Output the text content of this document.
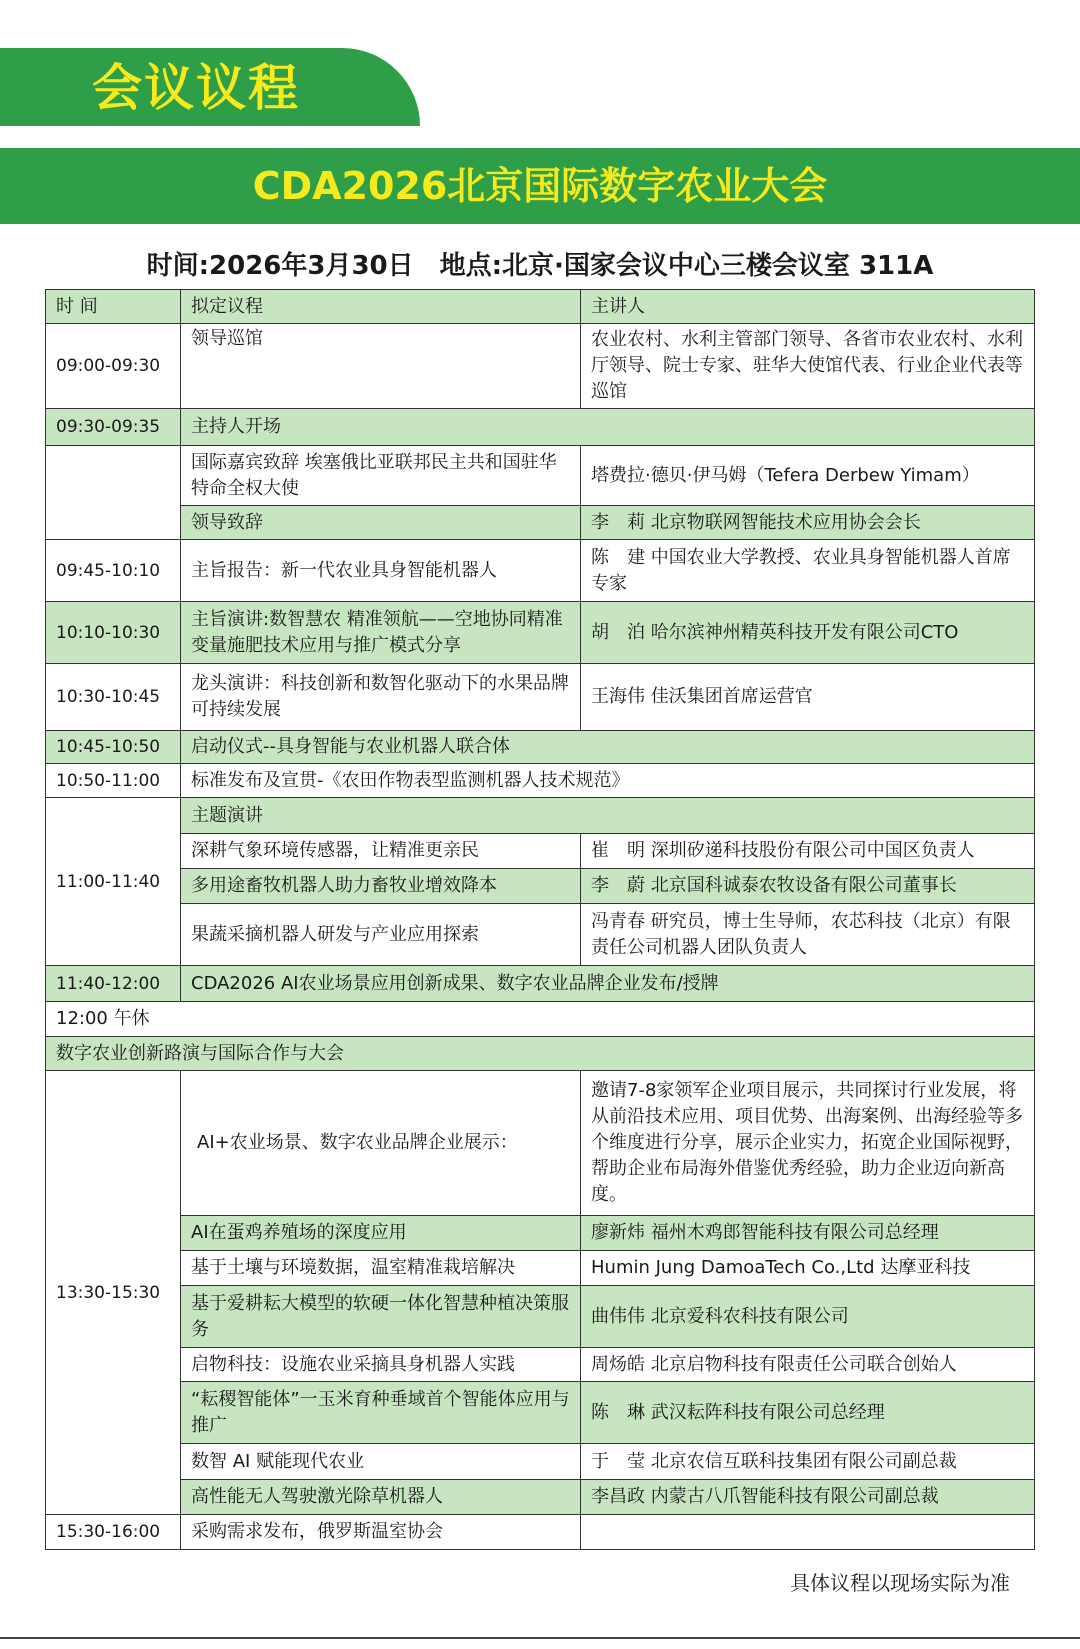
会议议程
CDA2026北京国际数字农业大会
时间:2026年3月30日　地点:北京·国家会议中心三楼会议室 311A
时 间	拟定议程	主讲人
09:00-09:30	领导巡馆	农业农村、水利主管部门领导、各省市农业农村、水利厅领导、院士专家、驻华大使馆代表、行业企业代表等巡馆
09:30-09:35	主持人开场	
	国际嘉宾致辞 埃塞俄比亚联邦民主共和国驻华特命全权大使	塔费拉·德贝·伊马姆（Tefera Derbew Yimam）
	领导致辞	李　莉 北京物联网智能技术应用协会会长
09:45-10:10	主旨报告：新一代农业具身智能机器人	陈　建 中国农业大学教授、农业具身智能机器人首席专家
10:10-10:30	主旨演讲:数智慧农 精准领航——空地协同精准变量施肥技术应用与推广模式分享	胡　泊 哈尔滨神州精英科技开发有限公司CTO
10:30-10:45	龙头演讲：科技创新和数智化驱动下的水果品牌可持续发展	王海伟 佳沃集团首席运营官
10:45-10:50	启动仪式--具身智能与农业机器人联合体	
10:50-11:00	标准发布及宣贯-《农田作物表型监测机器人技术规范》	
11:00-11:40	主题演讲	
	深耕气象环境传感器，让精准更亲民	崔　明 深圳矽递科技股份有限公司中国区负责人
	多用途畜牧机器人助力畜牧业增效降本	李　蔚 北京国科诚泰农牧设备有限公司董事长
	果蔬采摘机器人研发与产业应用探索	冯青春 研究员，博士生导师，农芯科技（北京）有限责任公司机器人团队负责人
11:40-12:00	CDA2026 AI农业场景应用创新成果、数字农业品牌企业发布/授牌	
12:00 午休		
数字农业创新路演与国际合作与大会		
13:30-15:30	AI+农业场景、数字农业品牌企业展示：	邀请7-8家领军企业项目展示，共同探讨行业发展，将从前沿技术应用、项目优势、出海案例、出海经验等多个维度进行分享，展示企业实力，拓宽企业国际视野，帮助企业布局海外借鉴优秀经验，助力企业迈向新高度。
	AI在蛋鸡养殖场的深度应用	廖新炜 福州木鸡郎智能科技有限公司总经理
	基于土壤与环境数据，温室精准栽培解决	Humin Jung DamoaTech Co.,Ltd 达摩亚科技
	基于爱耕耘大模型的软硬一体化智慧种植决策服务	曲伟伟 北京爱科农科技有限公司
	启物科技：设施农业采摘具身机器人实践	周炀皓 北京启物科技有限责任公司联合创始人
	“耘稷智能体”一玉米育种垂域首个智能体应用与推广	陈　琳 武汉耘阵科技有限公司总经理
	数智 AI 赋能现代农业	于　莹 北京农信互联科技集团有限公司副总裁
	高性能无人驾驶激光除草机器人	李昌政 内蒙古八爪智能科技有限公司副总裁
15:30-16:00	采购需求发布，俄罗斯温室协会	
具体议程以现场实际为准
